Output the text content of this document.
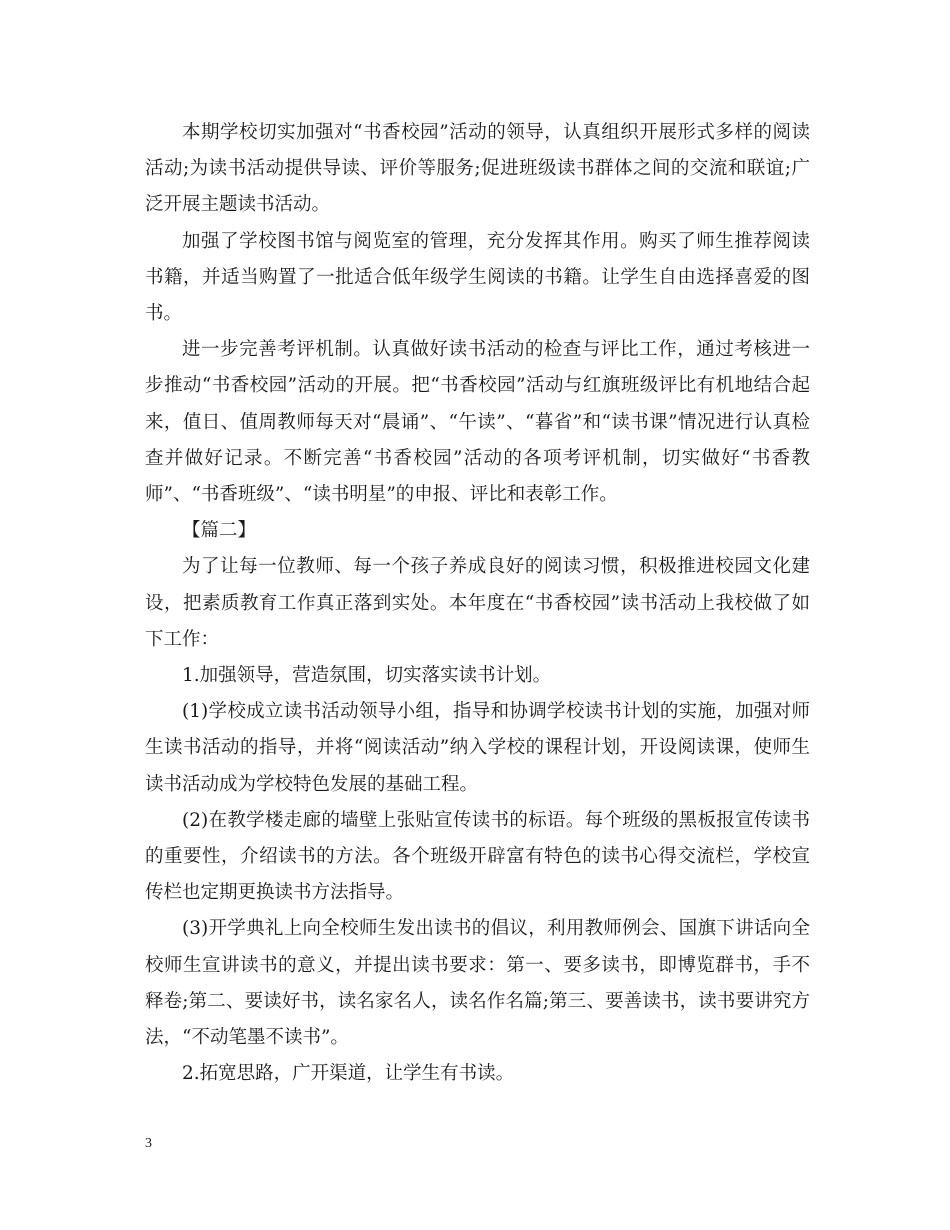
本期学校切实加强对“书香校园”活动的领导，认真组织开展形式多样的阅读活动;为读书活动提供导读、评价等服务;促进班级读书群体之间的交流和联谊;广泛开展主题读书活动。

加强了学校图书馆与阅览室的管理，充分发挥其作用。购买了师生推荐阅读书籍，并适当购置了一批适合低年级学生阅读的书籍。让学生自由选择喜爱的图书。

进一步完善考评机制。认真做好读书活动的检查与评比工作，通过考核进一步推动“书香校园”活动的开展。把“书香校园”活动与红旗班级评比有机地结合起来，值日、值周教师每天对“晨诵”、“午读”、“暮省”和“读书课”情况进行认真检查并做好记录。不断完善“书香校园”活动的各项考评机制，切实做好“书香教师”、“书香班级”、“读书明星”的申报、评比和表彰工作。

【篇二】

为了让每一位教师、每一个孩子养成良好的阅读习惯，积极推进校园文化建设，把素质教育工作真正落到实处。本年度在“书香校园”读书活动上我校做了如下工作：

1.加强领导，营造氛围，切实落实读书计划。

(1)学校成立读书活动领导小组，指导和协调学校读书计划的实施，加强对师生读书活动的指导，并将“阅读活动”纳入学校的课程计划，开设阅读课，使师生读书活动成为学校特色发展的基础工程。

(2)在教学楼走廊的墙壁上张贴宣传读书的标语。每个班级的黑板报宣传读书的重要性，介绍读书的方法。各个班级开辟富有特色的读书心得交流栏，学校宣传栏也定期更换读书方法指导。

(3)开学典礼上向全校师生发出读书的倡议，利用教师例会、国旗下讲话向全校师生宣讲读书的意义，并提出读书要求：第一、要多读书，即博览群书，手不释卷;第二、要读好书，读名家名人，读名作名篇;第三、要善读书，读书要讲究方法，“不动笔墨不读书”。

2.拓宽思路，广开渠道，让学生有书读。

3
